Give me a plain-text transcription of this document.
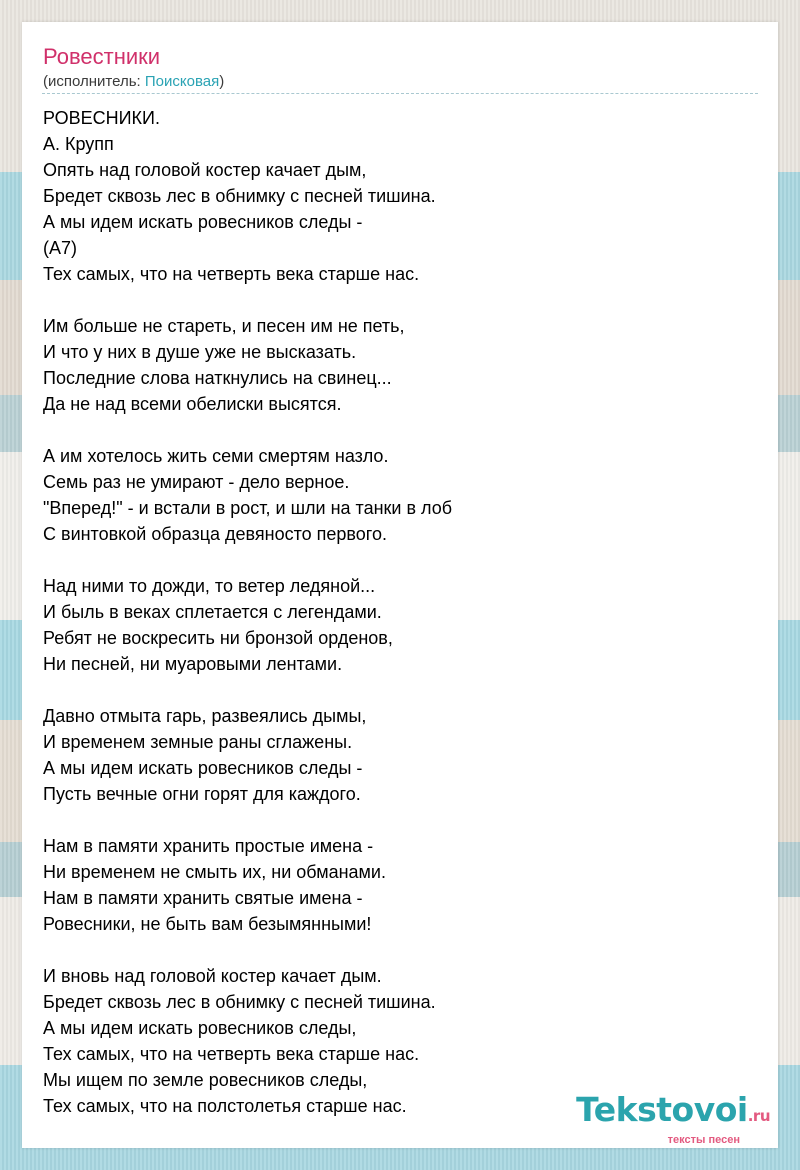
Ровестники
(исполнитель: Поисковая)
РОВЕСНИКИ.
А. Крупп
Опять над головой костер качает дым,
Бредет сквозь лес в обнимку с песней тишина.
А мы идем искать ровесников следы -
(A7)
Тех самых, что на четверть века старше нас.
Им больше не стареть, и песен им не петь,
И что у них в душе уже не высказать.
Последние слова наткнулись на свинец...
Да не над всеми обелиски высятся.
А им хотелось жить семи смертям назло.
Семь раз не умирают - дело верное.
"Вперед!" - и встали в рост, и шли на танки в лоб
С винтовкой образца девяносто первого.
Над ними то дожди, то ветер ледяной...
И быль в веках сплетается с легендами.
Ребят не воскресить ни бронзой орденов,
Ни песней, ни муаровыми лентами.
Давно отмыта гарь, развеялись дымы,
И временем земные раны сглажены.
А мы идем искать ровесников следы -
Пусть вечные огни горят для каждого.
Нам в памяти хранить простые имена -
Ни временем не смыть их, ни обманами.
Нам в памяти хранить святые имена -
Ровесники, не быть вам безымянными!
И вновь над головой костер качает дым.
Бредет сквозь лес в обнимку с песней тишина.
А мы идем искать ровесников следы,
Тех самых, что на четверть века старше нас.
Мы ищем по земле ровесников следы,
Тех самых, что на полстолетья старше нас.	Tekstovoi.ru
тексты песен
